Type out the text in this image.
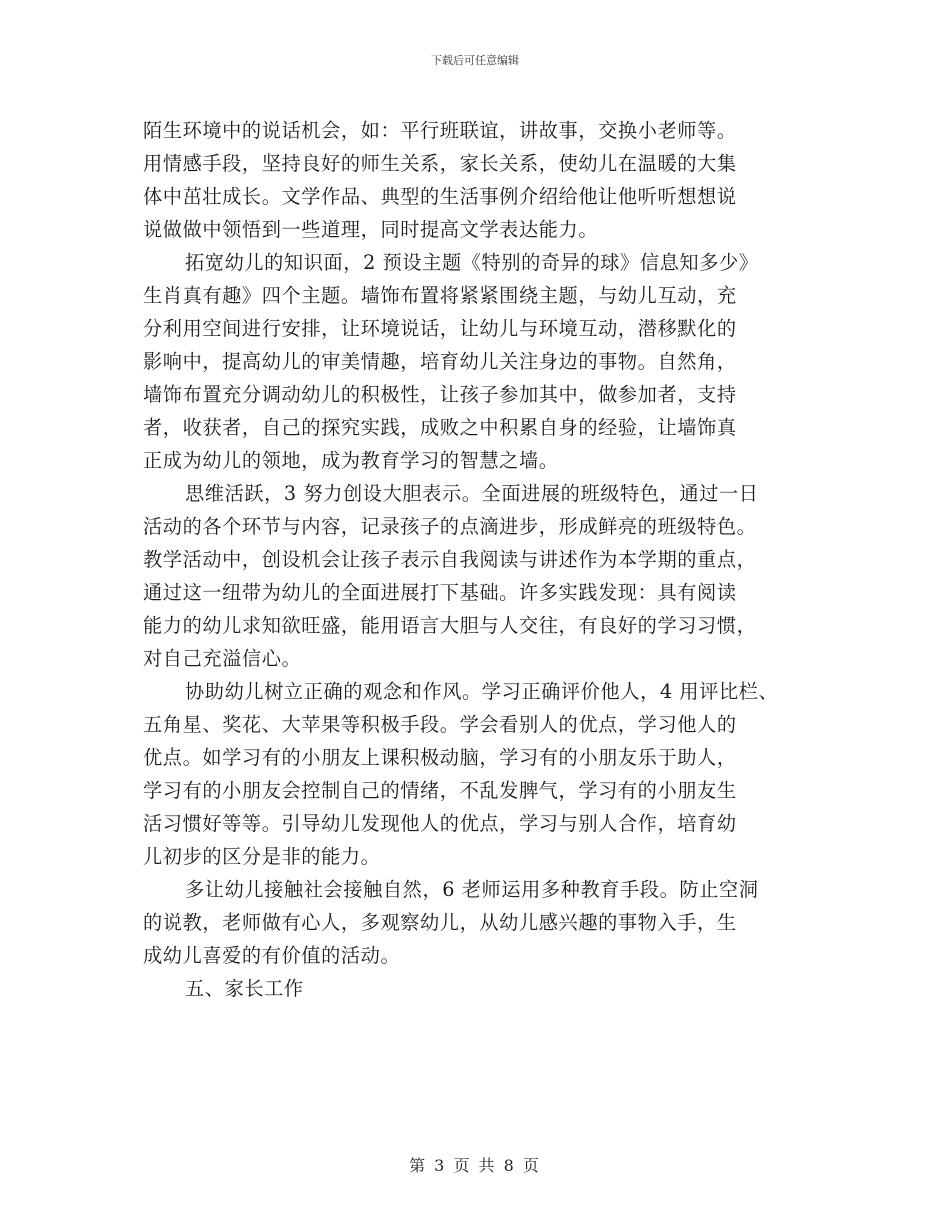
下载后可任意编辑
陌生环境中的说话机会，如：平行班联谊，讲故事，交换小老师等。
用情感手段，坚持良好的师生关系，家长关系，使幼儿在温暖的大集
体中茁壮成长。文学作品、典型的生活事例介绍给他让他听听想想说
说做做中领悟到一些道理，同时提高文学表达能力。
拓宽幼儿的知识面，2 预设主题《特别的奇异的球》信息知多少》
生肖真有趣》四个主题。墙饰布置将紧紧围绕主题，与幼儿互动，充
分利用空间进行安排，让环境说话，让幼儿与环境互动，潜移默化的
影响中，提高幼儿的审美情趣，培育幼儿关注身边的事物。自然角，
墙饰布置充分调动幼儿的积极性，让孩子参加其中，做参加者，支持
者，收获者，自己的探究实践，成败之中积累自身的经验，让墙饰真
正成为幼儿的领地，成为教育学习的智慧之墙。
思维活跃，3 努力创设大胆表示。全面进展的班级特色，通过一日
活动的各个环节与内容，记录孩子的点滴进步，形成鲜亮的班级特色。
教学活动中，创设机会让孩子表示自我阅读与讲述作为本学期的重点，
通过这一纽带为幼儿的全面进展打下基础。许多实践发现：具有阅读
能力的幼儿求知欲旺盛，能用语言大胆与人交往，有良好的学习习惯，
对自己充溢信心。
协助幼儿树立正确的观念和作风。学习正确评价他人，4 用评比栏、
五角星、奖花、大苹果等积极手段。学会看别人的优点，学习他人的
优点。如学习有的小朋友上课积极动脑，学习有的小朋友乐于助人，
学习有的小朋友会控制自己的情绪，不乱发脾气，学习有的小朋友生
活习惯好等等。引导幼儿发现他人的优点，学习与别人合作，培育幼
儿初步的区分是非的能力。
多让幼儿接触社会接触自然，6 老师运用多种教育手段。防止空洞
的说教，老师做有心人，多观察幼儿，从幼儿感兴趣的事物入手，生
成幼儿喜爱的有价值的活动。
五、家长工作
第 3 页 共 8 页
